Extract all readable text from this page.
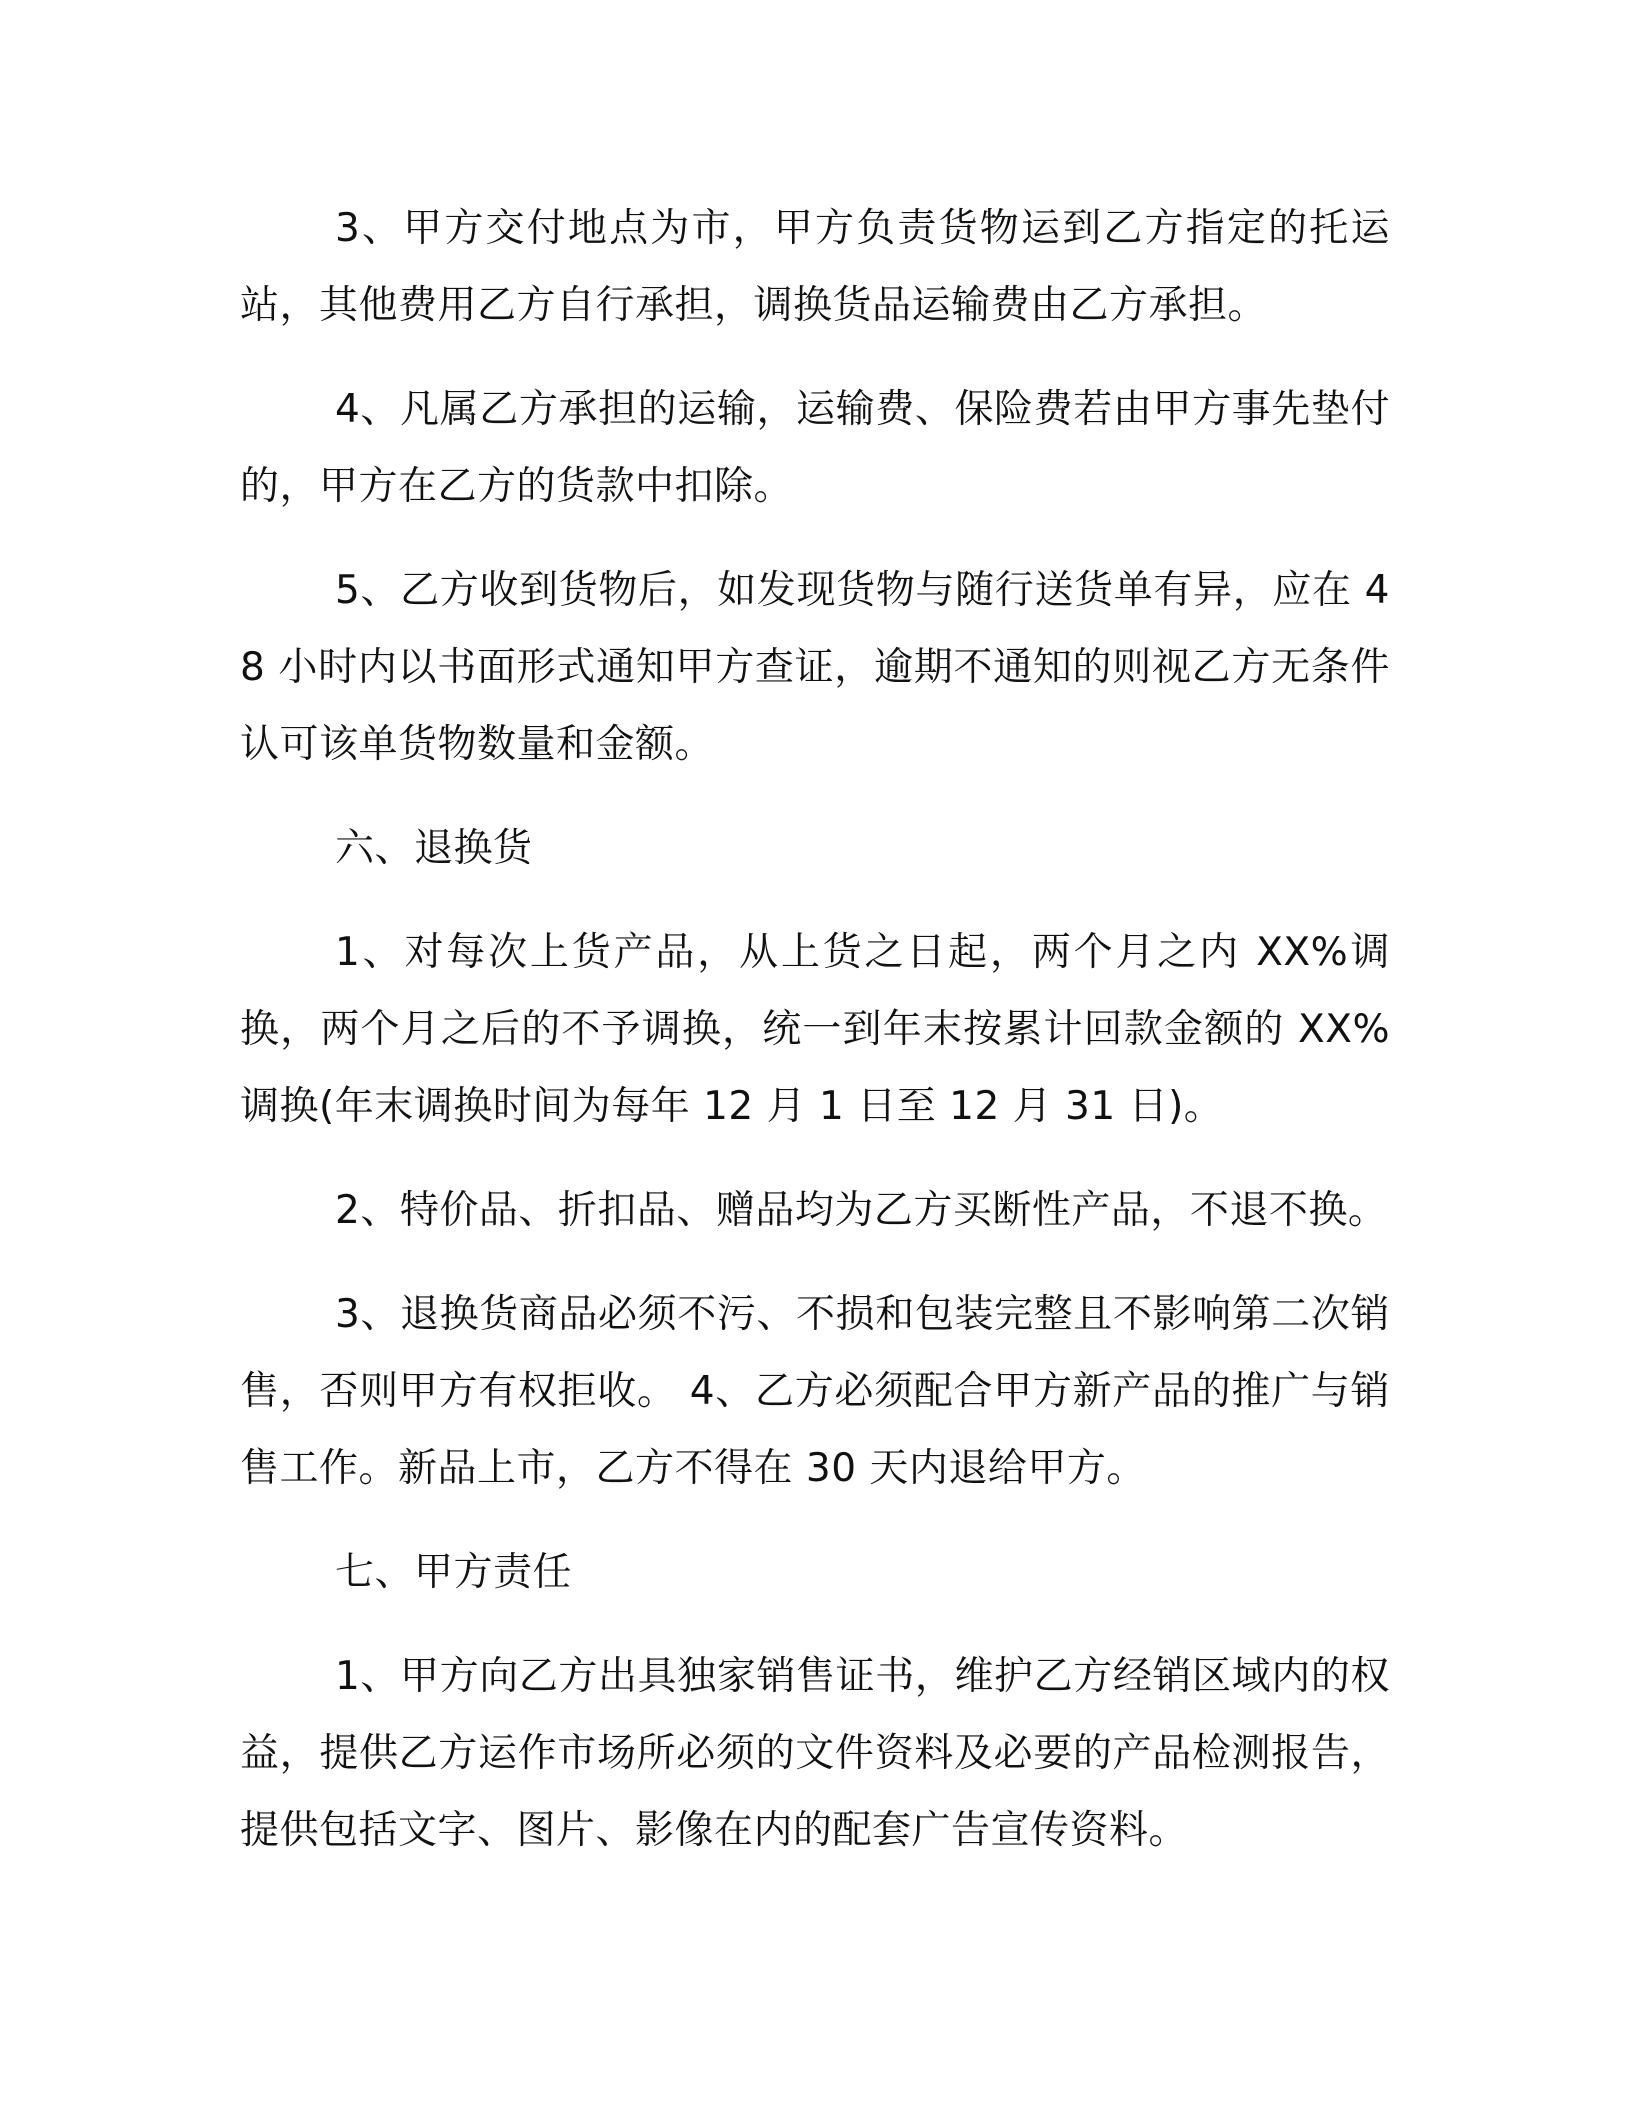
3、甲方交付地点为市，甲方负责货物运到乙方指定的托运站，其他费用乙方自行承担，调换货品运输费由乙方承担。

4、凡属乙方承担的运输，运输费、保险费若由甲方事先垫付的，甲方在乙方的货款中扣除。

5、乙方收到货物后，如发现货物与随行送货单有异，应在 48 小时内以书面形式通知甲方查证，逾期不通知的则视乙方无条件认可该单货物数量和金额。

六、退换货

1、对每次上货产品，从上货之日起，两个月之内 XX%调换，两个月之后的不予调换，统一到年末按累计回款金额的 XX%调换(年末调换时间为每年 12 月 1 日至 12 月 31 日)。

2、特价品、折扣品、赠品均为乙方买断性产品，不退不换。

3、退换货商品必须不污、不损和包装完整且不影响第二次销售，否则甲方有权拒收。 4、乙方必须配合甲方新产品的推广与销售工作。新品上市，乙方不得在 30 天内退给甲方。

七、甲方责任

1、甲方向乙方出具独家销售证书，维护乙方经销区域内的权益，提供乙方运作市场所必须的文件资料及必要的产品检测报告，提供包括文字、图片、影像在内的配套广告宣传资料。
